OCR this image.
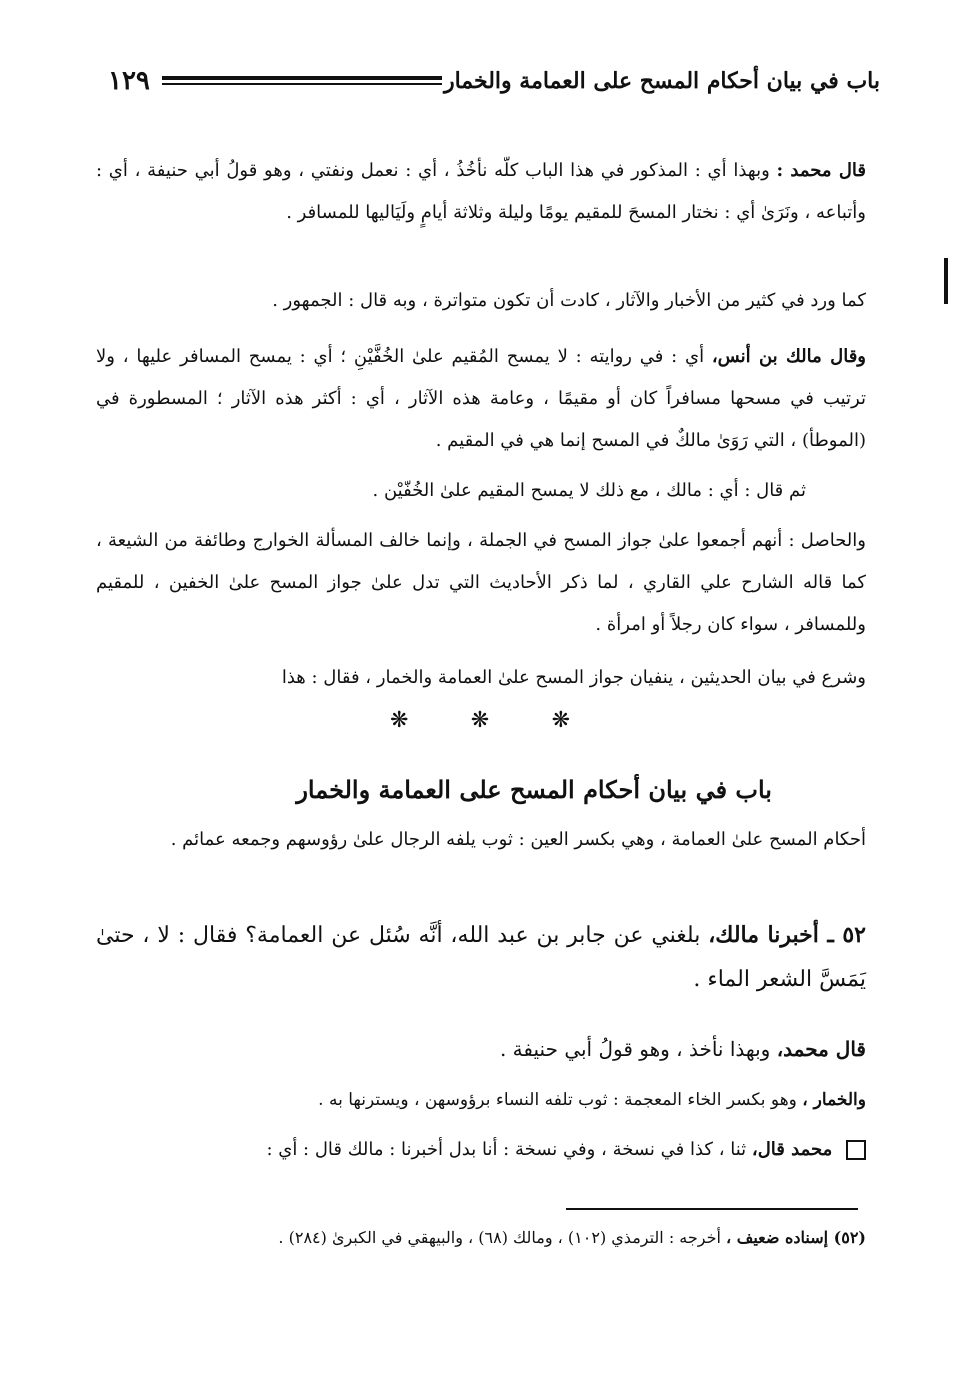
باب في بيان أحكام المسح على العمامة والخمار
١٢٩

قال محمد : وبهذا أي : المذكور في هذا الباب كلّه نأخُذُ ، أي : نعمل ونفتي ، وهو قولُ أبي حنيفة ، أي : وأتباعه ، ونَرَىٰ أي : نختار المسحَ للمقيم يومًا وليلة وثلاثة أيامٍ ولَيَاليها للمسافر .

كما ورد في كثير من الأخبار والآثار ، كادت أن تكون متواترة ، وبه قال : الجمهور .

وقال مالك بن أنس، أي : في روايته : لا يمسح المُقيم علىٰ الخُفَّيْنِ ؛ أي : يمسح المسافر عليها ، ولا ترتيب في مسحها مسافراً كان أو مقيمًا ، وعامة هذه الآثار ، أي : أكثر هذه الآثار ؛ المسطورة في (الموطأ) ، التي رَوَىٰ مالكٌ في المسح إنما هي في المقيم .

ثم قال : أي : مالك ، مع ذلك لا يمسح المقيم علىٰ الخُفّيْن .

والحاصل : أنهم أجمعوا علىٰ جواز المسح في الجملة ، وإنما خالف المسألة الخوارج وطائفة من الشيعة ، كما قاله الشارح علي القاري ، لما ذكر الأحاديث التي تدل علىٰ جواز المسح علىٰ الخفين ، للمقيم وللمسافر ، سواء كان رجلاً أو امرأة .

وشرع في بيان الحديثين ، ينفيان جواز المسح علىٰ العمامة والخمار ، فقال : هذا

❋
❋
❋
باب في بيان أحكام المسح على العمامة والخمار

أحكام المسح علىٰ العمامة ، وهي بكسر العين : ثوب يلفه الرجال علىٰ رؤوسهم وجمعه عمائم .

٥٢ ـ أخبرنا مالك، بلغني عن جابر بن عبد الله، أنَّه سُئل عن العمامة؟ فقال : لا ، حتىٰ يَمَسَّ الشعر الماء .

قال محمد، وبهذا نأخذ ، وهو قولُ أبي حنيفة .

والخمار ، وهو بكسر الخاء المعجمة : ثوب تلفه النساء برؤوسهن ، ويسترنها به .

محمد قال، ثنا ، كذا في نسخة ، وفي نسخة : أنا بدل أخبرنا : مالك قال : أي :

(٥٢) إسناده ضعيف ، أخرجه : الترمذي (١٠٢) ، ومالك (٦٨) ، والبيهقي في الكبرىٰ (٢٨٤) .
